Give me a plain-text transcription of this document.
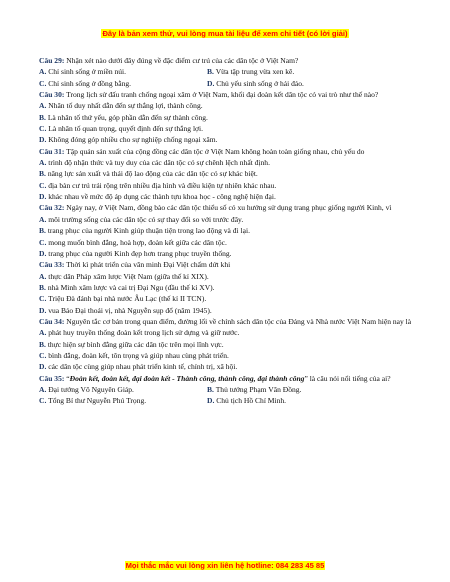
Đây là bản xem thử, vui lòng mua tài liệu để xem chi tiết (có lời giải)

Câu 29: Nhận xét nào dưới đây đúng về đặc điểm cư trú của các dân tộc ở Việt Nam?

A. Chỉ sinh sống ở miền núi.	B. Vừa tập trung vừa xen kẽ.

C. Chỉ sinh sống ở đồng bằng.	D. Chủ yếu sinh sống ở hải đảo.

Câu 30: Trong lịch sử đấu tranh chống ngoại xâm ở Việt Nam, khối đại đoàn kết dân tộc có vai trò như thế nào?

A. Nhân tố duy nhất dẫn đến sự thắng lợi, thành công.

B. Là nhân tố thứ yếu, góp phần dẫn đến sự thành công.

C. Là nhân tố quan trọng, quyết định đến sự thắng lợi.

D. Không đóng góp nhiều cho sự nghiệp chống ngoại xâm.

Câu 31: Tập quán sản xuất của cộng đồng các dân tộc ở Việt Nam không hoàn toàn giống nhau, chủ yếu do

A. trình độ nhận thức và tuy duy của các dân tộc có sự chênh lệch nhất định.

B. năng lực sản xuất và thái độ lao động của các dân tộc có sự khác biệt.

C. địa bàn cư trú trải rộng trên nhiều địa hình và điều kiện tự nhiên khác nhau.

D. khác nhau về mức độ áp dụng các thành tựu khoa học - công nghệ hiện đại.

Câu 32: Ngày nay, ở Việt Nam, đồng bào các dân tộc thiểu số có xu hướng sử dụng trang phục giống người Kinh, vì

A. môi trường sống của các dân tộc có sự thay đổi so với trước đây.

B. trang phục của người Kinh giúp thuận tiện trong lao động và đi lại.

C. mong muốn bình đẳng, hoà hợp, đoàn kết giữa các dân tộc.

D. trang phục của người Kinh đẹp hơn trang phục truyền thống.

Câu 33: Thời kì phát triển của văn minh Đại Việt chấm dứt khi

A. thực dân Pháp xâm lược Việt Nam (giữa thế kỉ XIX).

B. nhà Minh xâm lược và cai trị Đại Ngu (đầu thế kỉ XV).

C. Triệu Đà đánh bại nhà nước Âu Lạc (thế kỉ II TCN).

D. vua Bảo Đại thoái vị, nhà Nguyễn sụp đổ (năm 1945).

Câu 34: Nguyên tắc cơ bản trong quan điểm, đường lối về chính sách dân tộc của Đảng và Nhà nước Việt Nam hiện nay là

A. phát huy truyền thống đoàn kết trong lịch sử dựng và giữ nước.

B. thực hiện sự bình đẳng giữa các dân tộc trên mọi lĩnh vực.

C. bình đẳng, đoàn kết, tôn trọng và giúp nhau cùng phát triển.

D. các dân tộc cùng giúp nhau phát triển kinh tế, chính trị, xã hội.

Câu 35: “Đoàn kết, đoàn kết, đại đoàn kết - Thành công, thành công, đại thành công” là câu nói nổi tiếng của ai?

A. Đại tướng Võ Nguyên Giáp.	B. Thủ tướng Phạm Văn Đồng.

C. Tổng Bí thư Nguyễn Phú Trọng.	D. Chủ tịch Hồ Chí Minh.

Mọi thắc mắc vui lòng xin liên hệ hotline: 084 283 45 85
